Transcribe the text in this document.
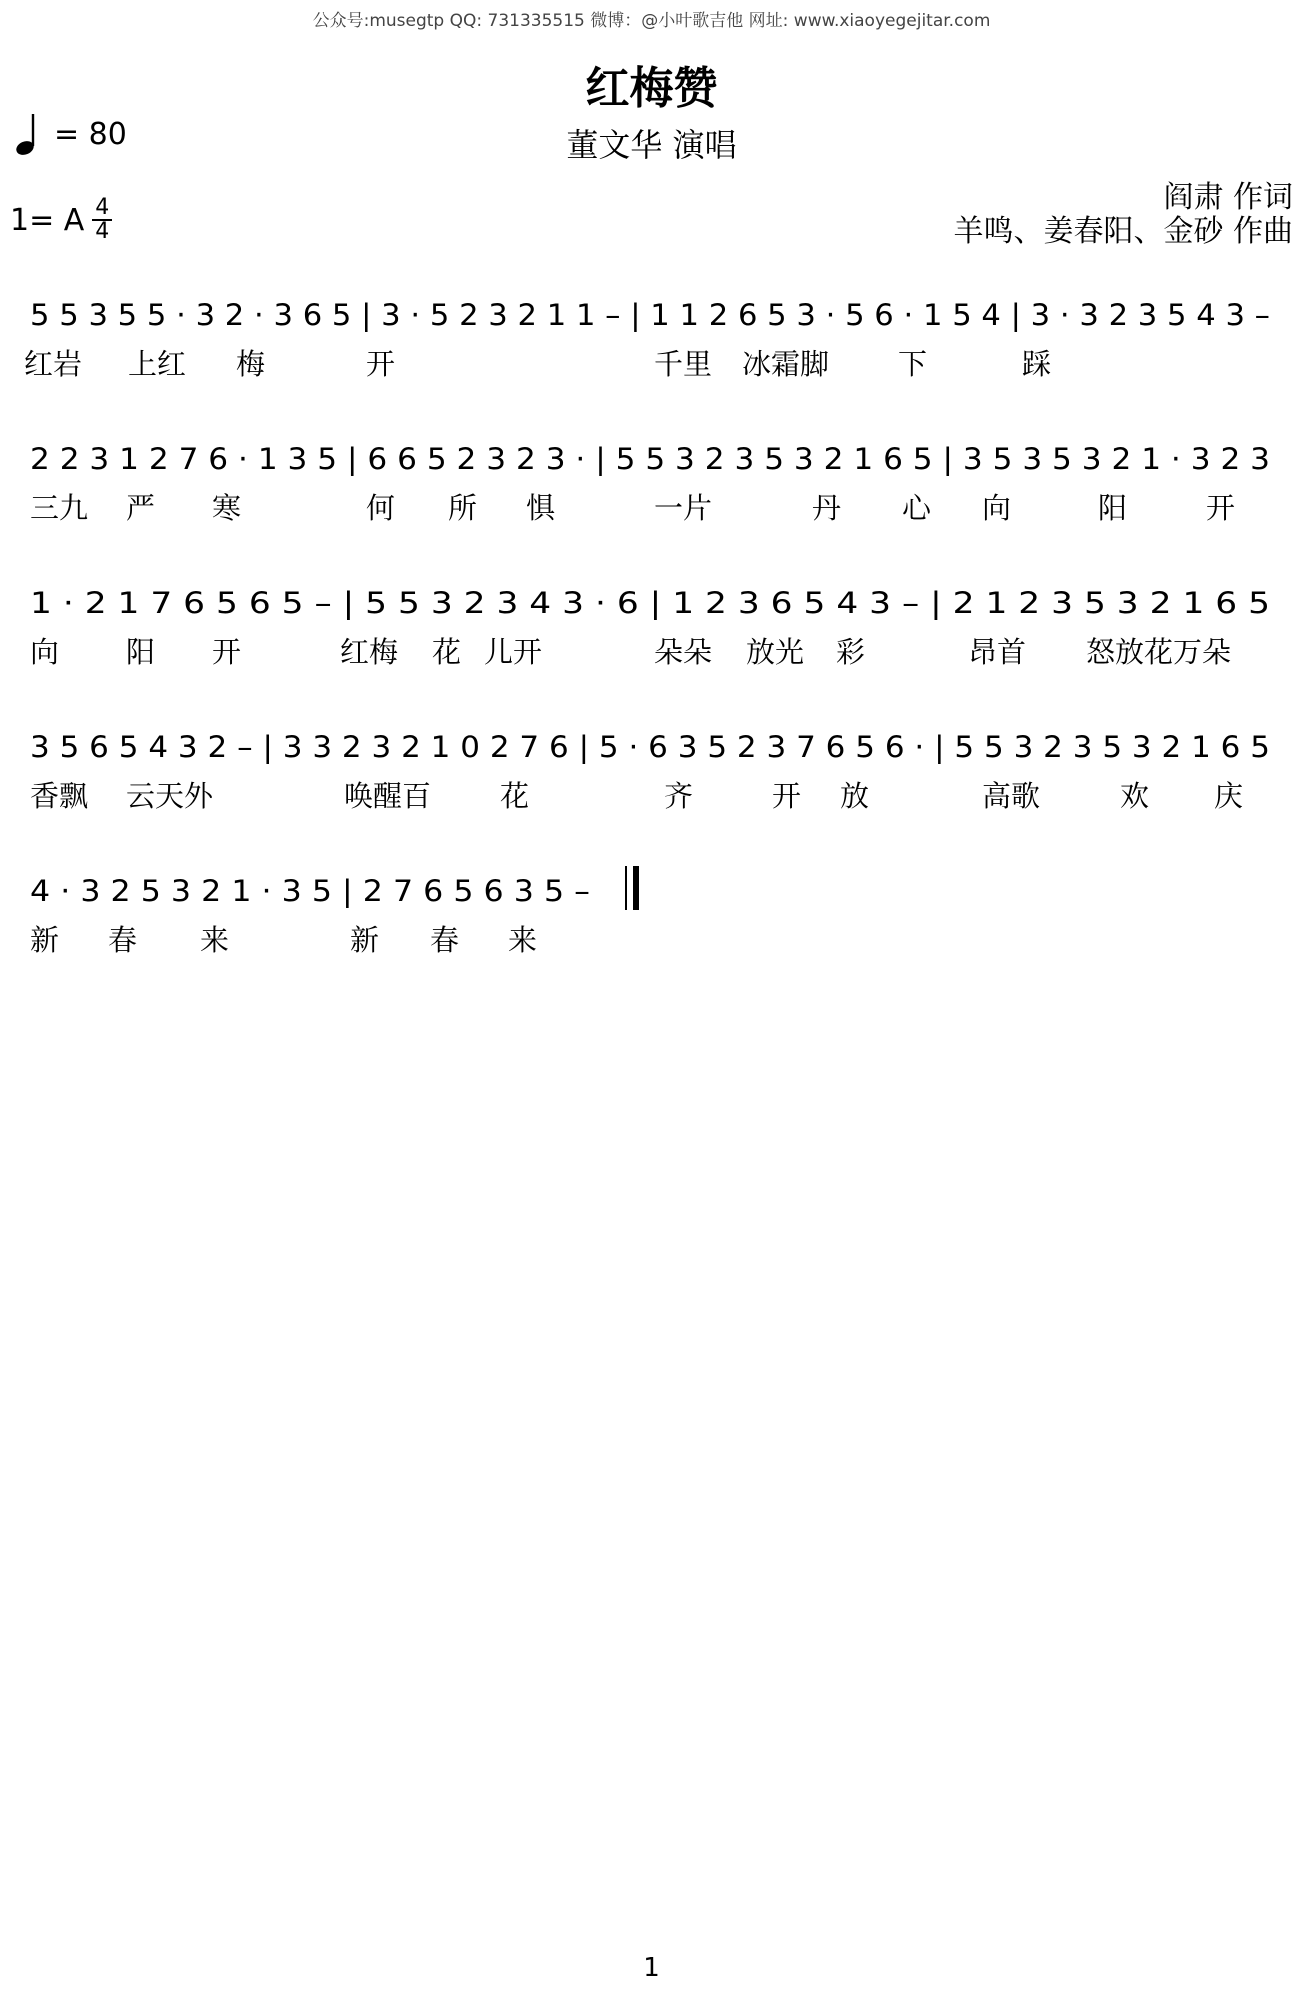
公众号:musegtp QQ: 731335515 微博：@小叶歌吉他 网址: www.xiaoyegejitar.com
红梅赞
董文华 演唱
= 80
1= A 4
4
阎肃 作词
羊鸣、姜春阳、金砂 作曲
5 5 3 5 5 · 3 2 · 3 6 5 | 3 · 5 2 3 2 1 1 – | 1 1 2 6 5 3 · 5 6 · 1 5 4 | 3 · 3 2 3 5 4 3 –
红岩 上红 梅	开	千里 冰霜脚 下	踩
2 2 3 1 2 7 6 · 1 3 5 | 6 6 5 2 3 2 3 · | 5 5 3 2 3 5 3 2 1 6 5 | 3 5 3 5 3 2 1 · 3 2 3
三九 严 寒	何 所 惧	一片	丹 心 向	阳	开
1 · 2 1 7 6 5 6 5 – | 5 5 3 2 3 4 3 · 6 | 1 2 3 6 5 4 3 – | 2 1 2 3 5 3 2 1 6 5
向 阳 开	红梅 花 儿开	朵朵 放光 彩	昂首 怒放花万朵
3 5 6 5 4 3 2 – | 3 3 2 3 2 1 0 2 7 6 | 5 · 6 3 5 2 3 7 6 5 6 · | 5 5 3 2 3 5 3 2 1 6 5
香飘 云天外	唤醒百 花	齐	开 放	高歌	欢 庆
4 · 3 2 5 3 2 1 · 3 5 | 2 7 6 5 6 3 5 –
新 春 来	新 春 来
1
